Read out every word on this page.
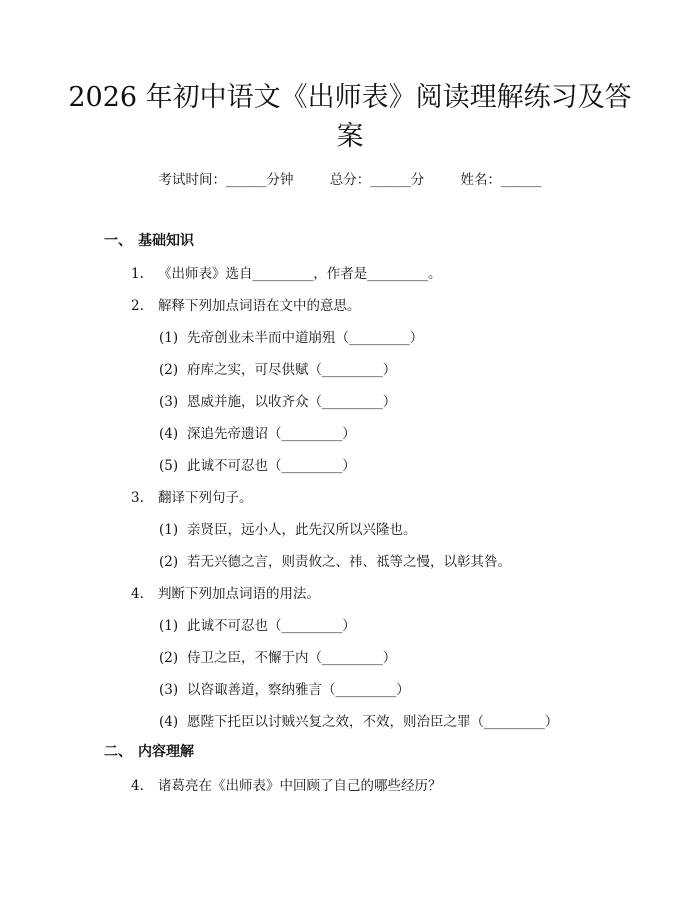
2026 年初中语文《出师表》阅读理解练习及答案
考试时间：______分钟	总分：______分	姓名：______
一、 基础知识
1. 《出师表》选自_________，作者是_________。
2. 解释下列加点词语在文中的意思。
(1) 先帝创业未半而中道崩殂（_________）
(2) 府库之实，可尽供赋（_________）
(3) 恩威并施，以收齐众（_________）
(4) 深追先帝遗诏（_________）
(5) 此诚不可忍也（_________）
3. 翻译下列句子。
(1) 亲贤臣，远小人，此先汉所以兴隆也。
(2) 若无兴德之言，则责攸之、祎、祗等之慢，以彰其咎。
4. 判断下列加点词语的用法。
(1) 此诚不可忍也（_________）
(2) 侍卫之臣，不懈于内（_________）
(3) 以咨诹善道，察纳雅言（_________）
(4) 愿陛下托臣以讨贼兴复之效，不效，则治臣之罪（_________）
二、 内容理解
4. 诸葛亮在《出师表》中回顾了自己的哪些经历？
